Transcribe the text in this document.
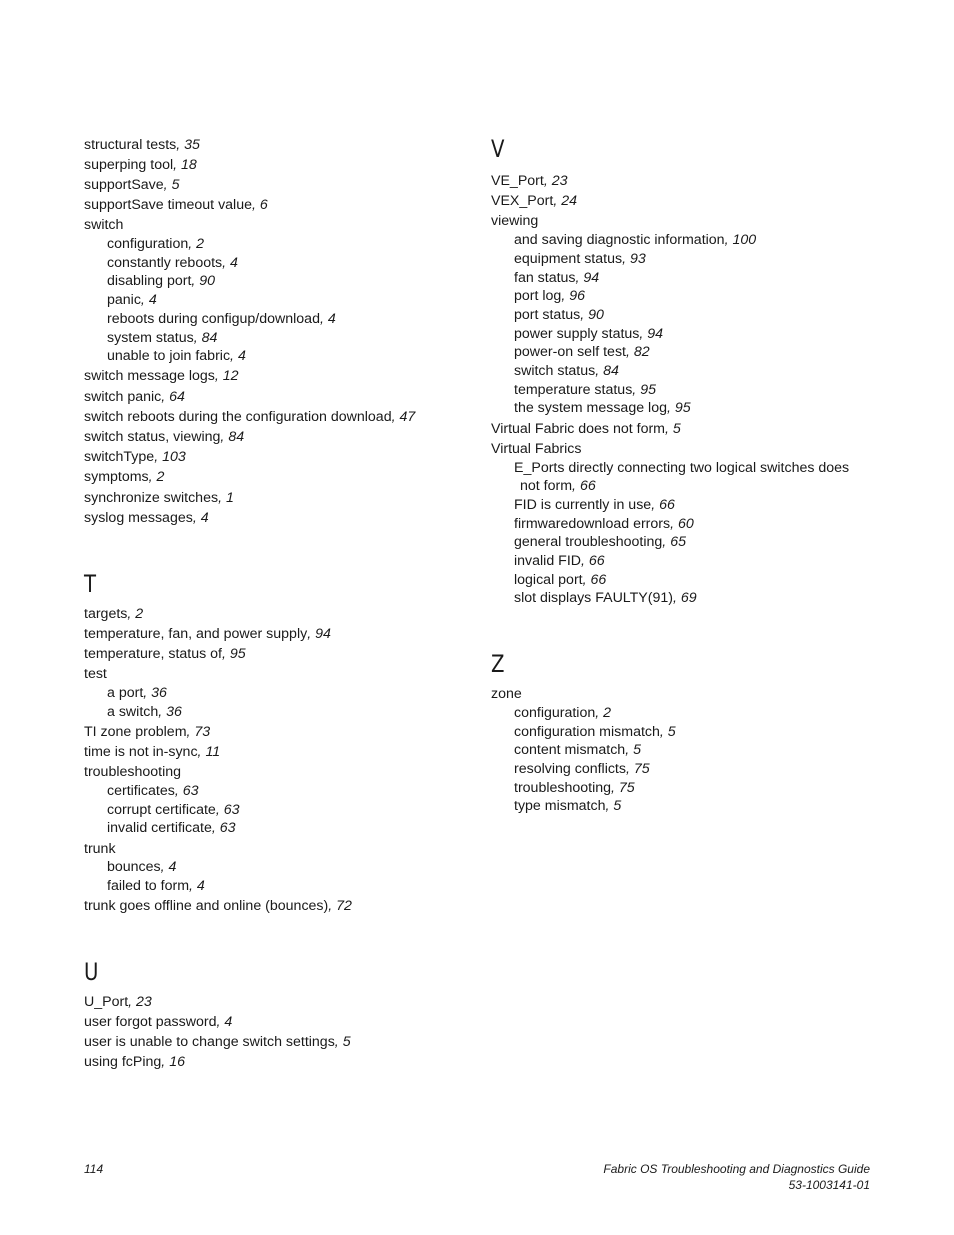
structural tests, 35
superping tool, 18
supportSave, 5
supportSave timeout value, 6
switch
configuration, 2
constantly reboots, 4
disabling port, 90
panic, 4
reboots during configup/download, 4
system status, 84
unable to join fabric, 4
switch message logs, 12
switch panic, 64
switch reboots during the configuration download, 47
switch status, viewing, 84
switchType, 103
symptoms, 2
synchronize switches, 1
syslog messages, 4
T
targets, 2
temperature, fan, and power supply, 94
temperature, status of, 95
test
a port, 36
a switch, 36
TI zone problem, 73
time is not in-sync, 11
troubleshooting
certificates, 63
corrupt certificate, 63
invalid certificate, 63
trunk
bounces, 4
failed to form, 4
trunk goes offline and online (bounces), 72
U
U_Port, 23
user forgot password, 4
user is unable to change switch settings, 5
using fcPing, 16
V
VE_Port, 23
VEX_Port, 24
viewing
and saving diagnostic information, 100
equipment status, 93
fan status, 94
port log, 96
port status, 90
power supply status, 94
power-on self test, 82
switch status, 84
temperature status, 95
the system message log, 95
Virtual Fabric does not form, 5
Virtual Fabrics
E_Ports directly connecting two logical switches does
not form, 66
FID is currently in use, 66
firmwaredownload errors, 60
general troubleshooting, 65
invalid FID, 66
logical port, 66
slot displays FAULTY(91), 69
Z
zone
configuration, 2
configuration mismatch, 5
content mismatch, 5
resolving conflicts, 75
troubleshooting, 75
type mismatch, 5
114	Fabric OS Troubleshooting and Diagnostics Guide
53-1003141-01
